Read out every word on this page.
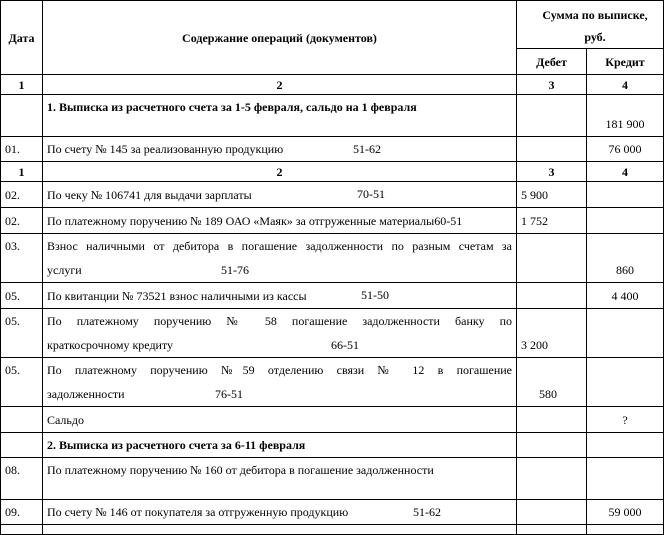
Дата	Содержание операций (документов)	Сумма по выписке, руб.	
		Дебет	Кредит
1	2	3	4
	1. Выписка из расчетного счета за 1-5 февраля, сальдо на 1 февраля		181 900
01.	По счету № 145 за реализованную продукцию 51-62		76 000
1	2	3	4
02.	По чеку № 106741 для выдачи зарплаты 70-51	5 900	
02.	По платежному поручению № 189 ОАО «Маяк» за отгруженные материалы60-51	1 752	
03.	Взнос наличными от дебитора в погашение задолженности по разным счетам за
услуги 51-76		860
05.	По квитанции № 73521 взнос наличными из кассы 51-50		4 400
05.	По платежному поручению № 58 погашение задолженности банку по
краткосрочному кредиту 66-51	3 200	
05.	По платежному поручению №59 отделению связи № 12 в погашение
задолженности 76-51	580	
	Сальдо		?
	2. Выписка из расчетного счета за 6-11 февраля		
08.	По платежному поручению № 160 от дебитора в погашение задолженности		
09.	По счету № 146 от покупателя за отгруженную продукцию 51-62		59 000
